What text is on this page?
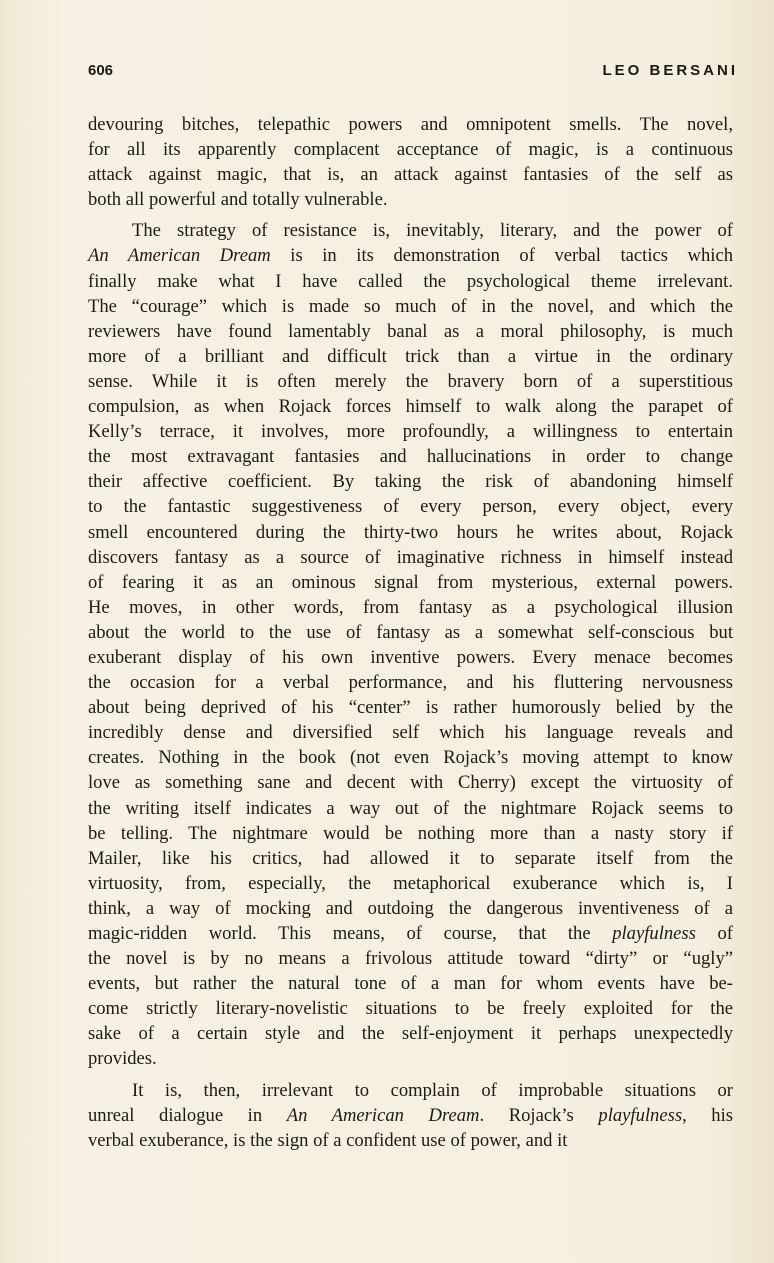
606	LEO BERSANI
devouring bitches, telepathic powers and omnipotent smells. The novel,
for all its apparently complacent acceptance of magic, is a continuous
attack against magic, that is, an attack against fantasies of the self as
both all powerful and totally vulnerable.
The strategy of resistance is, inevitably, literary, and the power of
An American Dream is in its demonstration of verbal tactics which
finally make what I have called the psychological theme irrelevant.
The “courage” which is made so much of in the novel, and which the
reviewers have found lamentably banal as a moral philosophy, is much
more of a brilliant and difficult trick than a virtue in the ordinary
sense. While it is often merely the bravery born of a superstitious
compulsion, as when Rojack forces himself to walk along the parapet of
Kelly’s terrace, it involves, more profoundly, a willingness to entertain
the most extravagant fantasies and hallucinations in order to change
their affective coefficient. By taking the risk of abandoning himself
to the fantastic suggestiveness of every person, every object, every
smell encountered during the thirty-two hours he writes about, Rojack
discovers fantasy as a source of imaginative richness in himself instead
of fearing it as an ominous signal from mysterious, external powers.
He moves, in other words, from fantasy as a psychological illusion
about the world to the use of fantasy as a somewhat self-conscious but
exuberant display of his own inventive powers. Every menace becomes
the occasion for a verbal performance, and his fluttering nervousness
about being deprived of his “center” is rather humorously belied by the
incredibly dense and diversified self which his language reveals and
creates. Nothing in the book (not even Rojack’s moving attempt to know
love as something sane and decent with Cherry) except the virtuosity of
the writing itself indicates a way out of the nightmare Rojack seems to
be telling. The nightmare would be nothing more than a nasty story if
Mailer, like his critics, had allowed it to separate itself from the
virtuosity, from, especially, the metaphorical exuberance which is, I
think, a way of mocking and outdoing the dangerous inventiveness of a
magic-ridden world. This means, of course, that the playfulness of
the novel is by no means a frivolous attitude toward “dirty” or “ugly”
events, but rather the natural tone of a man for whom events have be-
come strictly literary-novelistic situations to be freely exploited for the
sake of a certain style and the self-enjoyment it perhaps unexpectedly
provides.
It is, then, irrelevant to complain of improbable situations or
unreal dialogue in An American Dream. Rojack’s playfulness, his
verbal exuberance, is the sign of a confident use of power, and it
